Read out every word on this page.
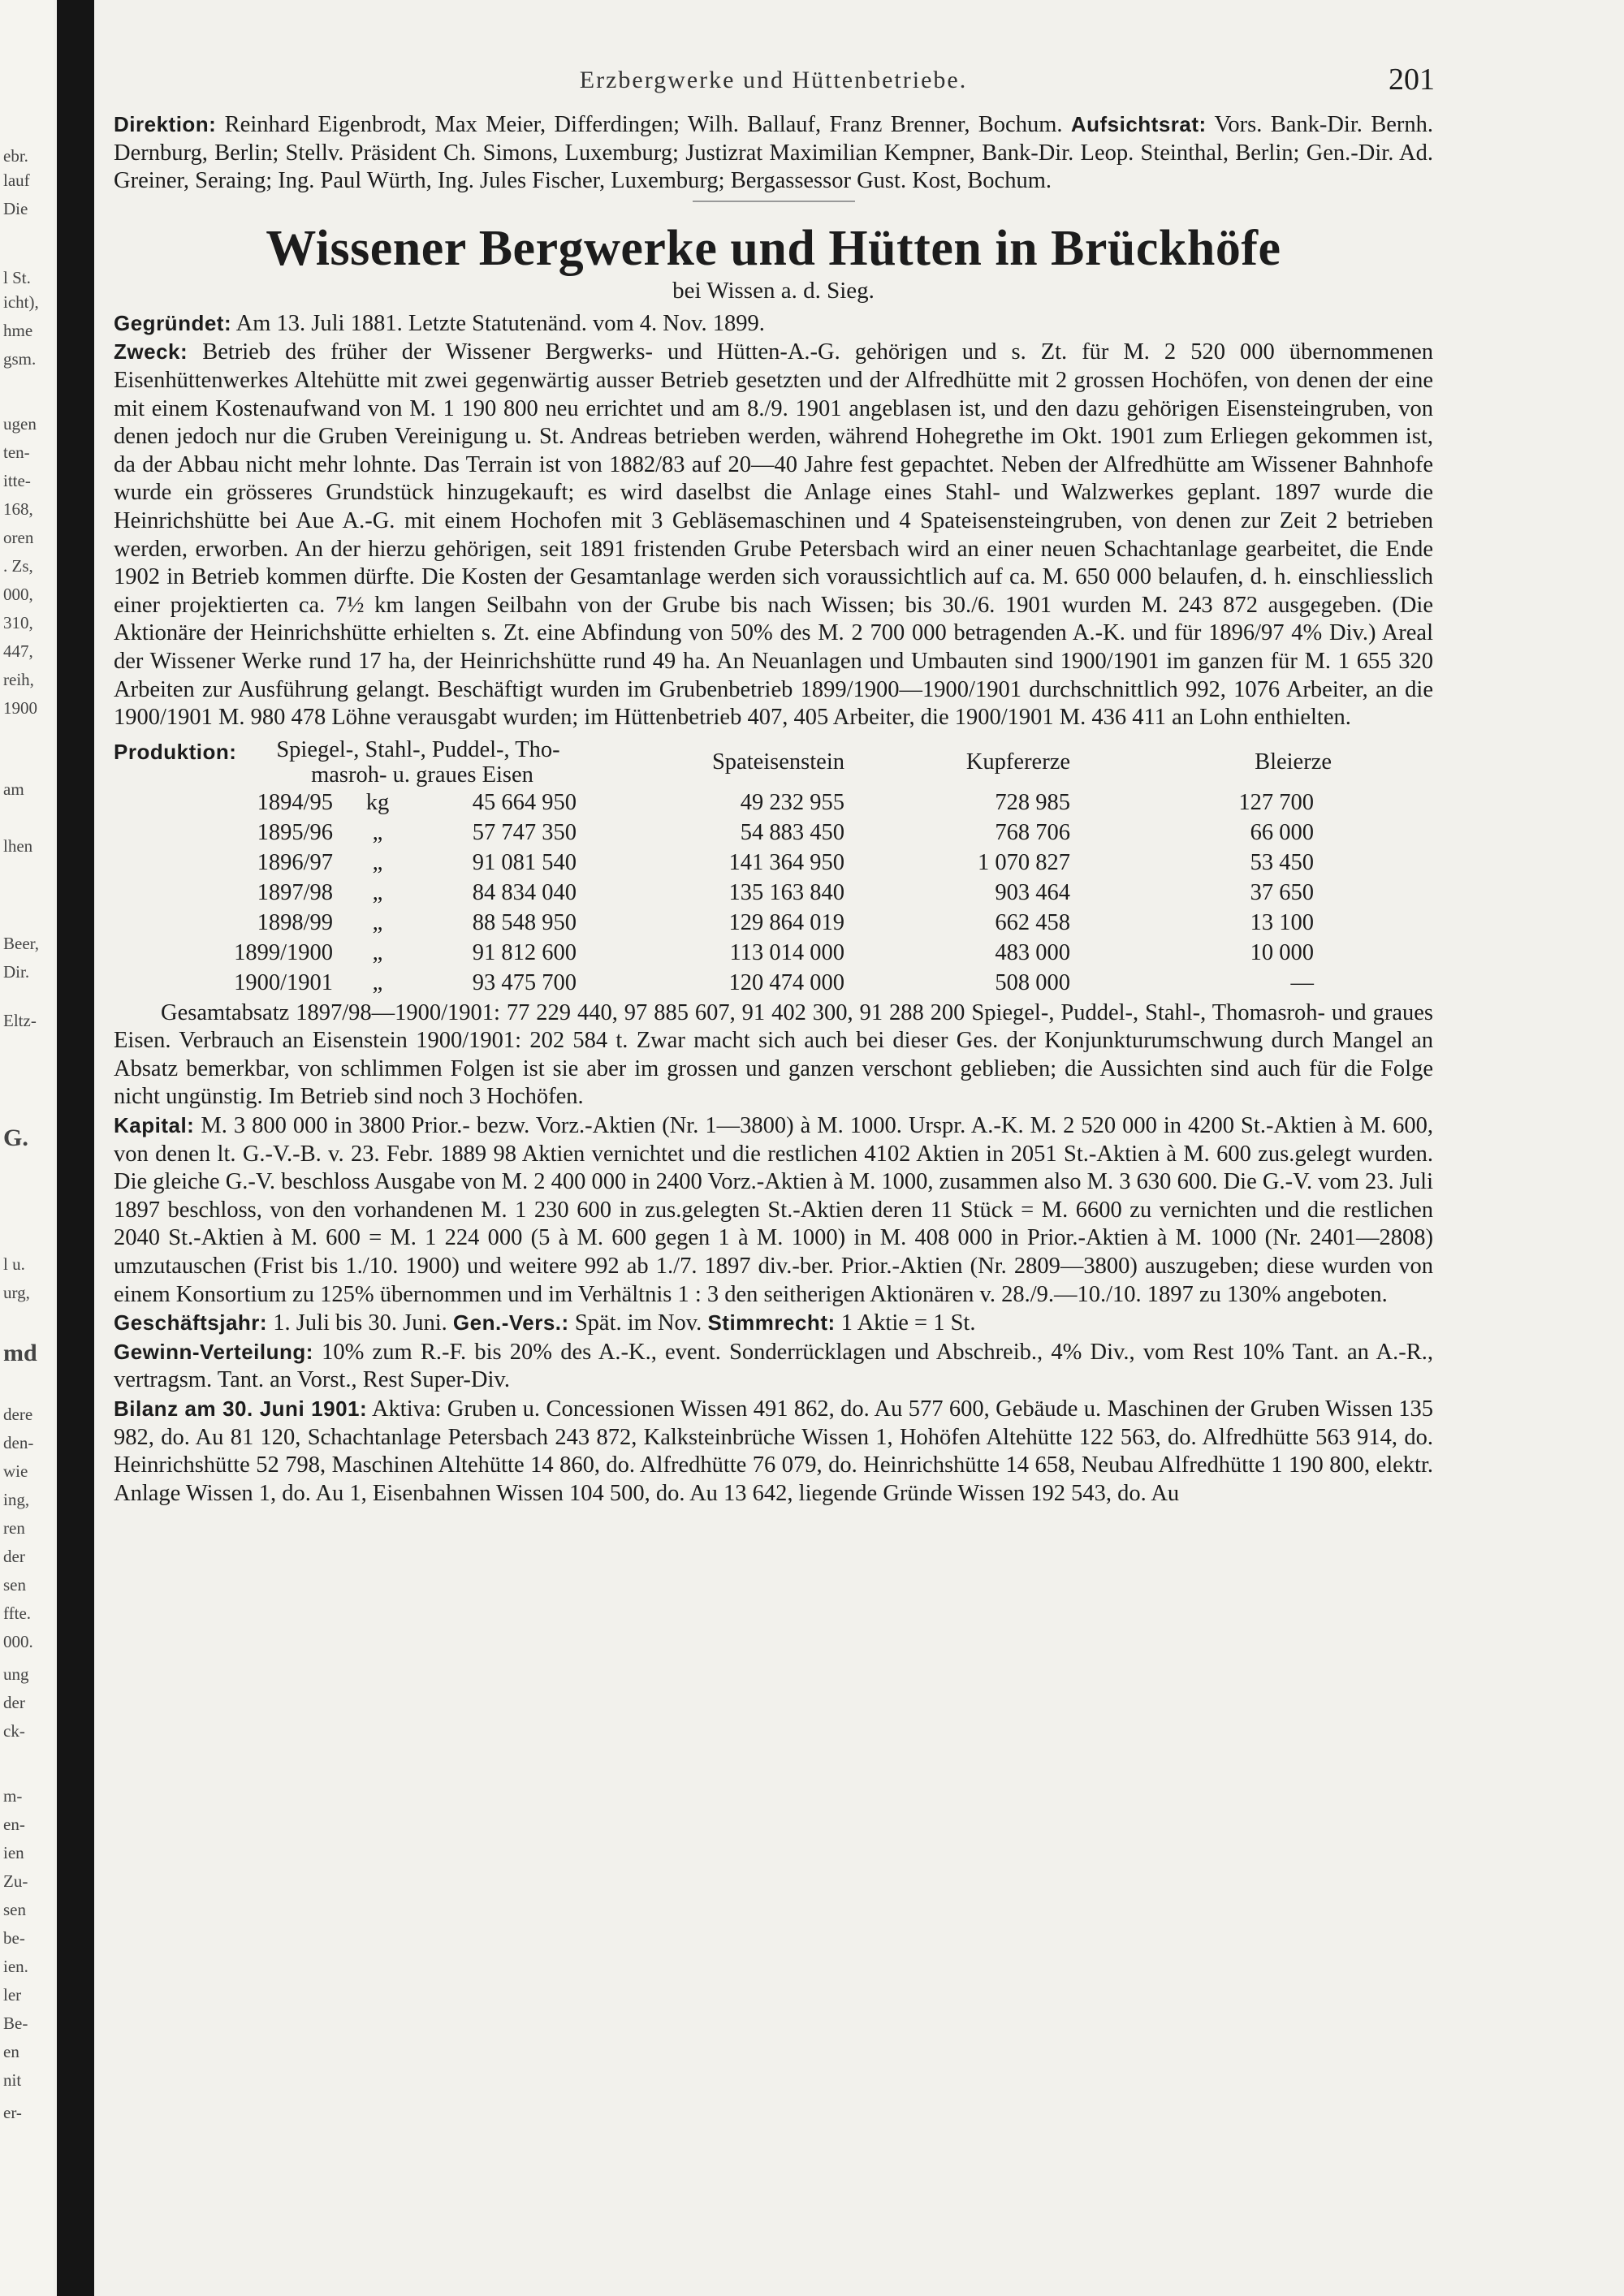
ebr.
lauf
Die
l St.
icht),
hme
gsm.
ugen
ten-
itte-
168,
oren
. Zs,
000,
310,
447,
reih,
1900
am
lhen
Beer,
Dir.
Eltz-
G.
l u.
urg,
md
dere
den-
wie
ing,
ren
der
sen
ffte.
000.
ung
der
ck-
m-
en-
ien
Zu-
sen
be-
ien.
ler
Be-
en
nit
er-
Erzbergwerke und Hüttenbetriebe.	201

Direktion: Reinhard Eigenbrodt, Max Meier, Differdingen; Wilh. Ballauf, Franz Brenner, Bochum. Aufsichtsrat: Vors. Bank-Dir. Bernh. Dernburg, Berlin; Stellv. Präsident Ch. Simons, Luxemburg; Justizrat Maximilian Kempner, Bank-Dir. Leop. Steinthal, Berlin; Gen.-Dir. Ad. Greiner, Seraing; Ing. Paul Würth, Ing. Jules Fischer, Luxemburg; Bergassessor Gust. Kost, Bochum.

Wissener Bergwerke und Hütten in Brückhöfe
bei Wissen a. d. Sieg.

Gegründet: Am 13. Juli 1881. Letzte Statutenänd. vom 4. Nov. 1899.

Zweck: Betrieb des früher der Wissener Bergwerks- und Hütten-A.-G. gehörigen und s. Zt. für M. 2 520 000 übernommenen Eisenhüttenwerkes Altehütte mit zwei gegenwärtig ausser Betrieb gesetzten und der Alfredhütte mit 2 grossen Hochöfen, von denen der eine mit einem Kostenaufwand von M. 1 190 800 neu errichtet und am 8./9. 1901 angeblasen ist, und den dazu gehörigen Eisensteingruben, von denen jedoch nur die Gruben Vereinigung u. St. Andreas betrieben werden, während Hohegrethe im Okt. 1901 zum Erliegen gekommen ist, da der Abbau nicht mehr lohnte. Das Terrain ist von 1882/83 auf 20—40 Jahre fest gepachtet. Neben der Alfredhütte am Wissener Bahnhofe wurde ein grösseres Grundstück hinzugekauft; es wird daselbst die Anlage eines Stahl- und Walzwerkes geplant. 1897 wurde die Heinrichshütte bei Aue A.-G. mit einem Hochofen mit 3 Gebläsemaschinen und 4 Spateisensteingruben, von denen zur Zeit 2 betrieben werden, erworben. An der hierzu gehörigen, seit 1891 fristenden Grube Petersbach wird an einer neuen Schachtanlage gearbeitet, die Ende 1902 in Betrieb kommen dürfte. Die Kosten der Gesamtanlage werden sich voraussichtlich auf ca. M. 650 000 belaufen, d. h. einschliesslich einer projektierten ca. 7½ km langen Seilbahn von der Grube bis nach Wissen; bis 30./6. 1901 wurden M. 243 872 ausgegeben. (Die Aktionäre der Heinrichshütte erhielten s. Zt. eine Abfindung von 50% des M. 2 700 000 betragenden A.-K. und für 1896/97 4% Div.) Areal der Wissener Werke rund 17 ha, der Heinrichshütte rund 49 ha. An Neuanlagen und Umbauten sind 1900/1901 im ganzen für M. 1 655 320 Arbeiten zur Ausführung gelangt. Beschäftigt wurden im Grubenbetrieb 1899/1900—1900/1901 durchschnittlich 992, 1076 Arbeiter, an die 1900/1901 M. 980 478 Löhne verausgabt wurden; im Hüttenbetrieb 407, 405 Arbeiter, die 1900/1901 M. 436 411 an Lohn enthielten.

Produktion:	Spiegel-, Stahl-, Puddel-, Tho-
masroh- u. graues Eisen		Spateisenstein	Kupfererze	Bleierze
1894/95	kg	45 664 950	49 232 955	728 985	127 700
1895/96	„	57 747 350	54 883 450	768 706	66 000
1896/97	„	91 081 540	141 364 950	1 070 827	53 450
1897/98	„	84 834 040	135 163 840	903 464	37 650
1898/99	„	88 548 950	129 864 019	662 458	13 100
1899/1900	„	91 812 600	113 014 000	483 000	10 000
1900/1901	„	93 475 700	120 474 000	508 000	—

Gesamtabsatz 1897/98—1900/1901: 77 229 440, 97 885 607, 91 402 300, 91 288 200 Spiegel-, Puddel-, Stahl-, Thomasroh- und graues Eisen. Verbrauch an Eisenstein 1900/1901: 202 584 t. Zwar macht sich auch bei dieser Ges. der Konjunkturumschwung durch Mangel an Absatz bemerkbar, von schlimmen Folgen ist sie aber im grossen und ganzen verschont geblieben; die Aussichten sind auch für die Folge nicht ungünstig. Im Betrieb sind noch 3 Hochöfen.

Kapital: M. 3 800 000 in 3800 Prior.- bezw. Vorz.-Aktien (Nr. 1—3800) à M. 1000. Urspr. A.-K. M. 2 520 000 in 4200 St.-Aktien à M. 600, von denen lt. G.-V.-B. v. 23. Febr. 1889 98 Aktien vernichtet und die restlichen 4102 Aktien in 2051 St.-Aktien à M. 600 zus.gelegt wurden. Die gleiche G.-V. beschloss Ausgabe von M. 2 400 000 in 2400 Vorz.-Aktien à M. 1000, zusammen also M. 3 630 600. Die G.-V. vom 23. Juli 1897 beschloss, von den vorhandenen M. 1 230 600 in zus.gelegten St.-Aktien deren 11 Stück = M. 6600 zu vernichten und die restlichen 2040 St.-Aktien à M. 600 = M. 1 224 000 (5 à M. 600 gegen 1 à M. 1000) in M. 408 000 in Prior.-Aktien à M. 1000 (Nr. 2401—2808) umzutauschen (Frist bis 1./10. 1900) und weitere 992 ab 1./7. 1897 div.-ber. Prior.-Aktien (Nr. 2809—3800) auszugeben; diese wurden von einem Konsortium zu 125% übernommen und im Verhältnis 1 : 3 den seitherigen Aktionären v. 28./9.—10./10. 1897 zu 130% angeboten.

Geschäftsjahr: 1. Juli bis 30. Juni. Gen.-Vers.: Spät. im Nov. Stimmrecht: 1 Aktie = 1 St.

Gewinn-Verteilung: 10% zum R.-F. bis 20% des A.-K., event. Sonderrücklagen und Abschreib., 4% Div., vom Rest 10% Tant. an A.-R., vertragsm. Tant. an Vorst., Rest Super-Div.

Bilanz am 30. Juni 1901: Aktiva: Gruben u. Concessionen Wissen 491 862, do. Au 577 600, Gebäude u. Maschinen der Gruben Wissen 135 982, do. Au 81 120, Schachtanlage Petersbach 243 872, Kalksteinbrüche Wissen 1, Hohöfen Altehütte 122 563, do. Alfredhütte 563 914, do. Heinrichshütte 52 798, Maschinen Altehütte 14 860, do. Alfredhütte 76 079, do. Heinrichshütte 14 658, Neubau Alfredhütte 1 190 800, elektr. Anlage Wissen 1, do. Au 1, Eisenbahnen Wissen 104 500, do. Au 13 642, liegende Gründe Wissen 192 543, do. Au
